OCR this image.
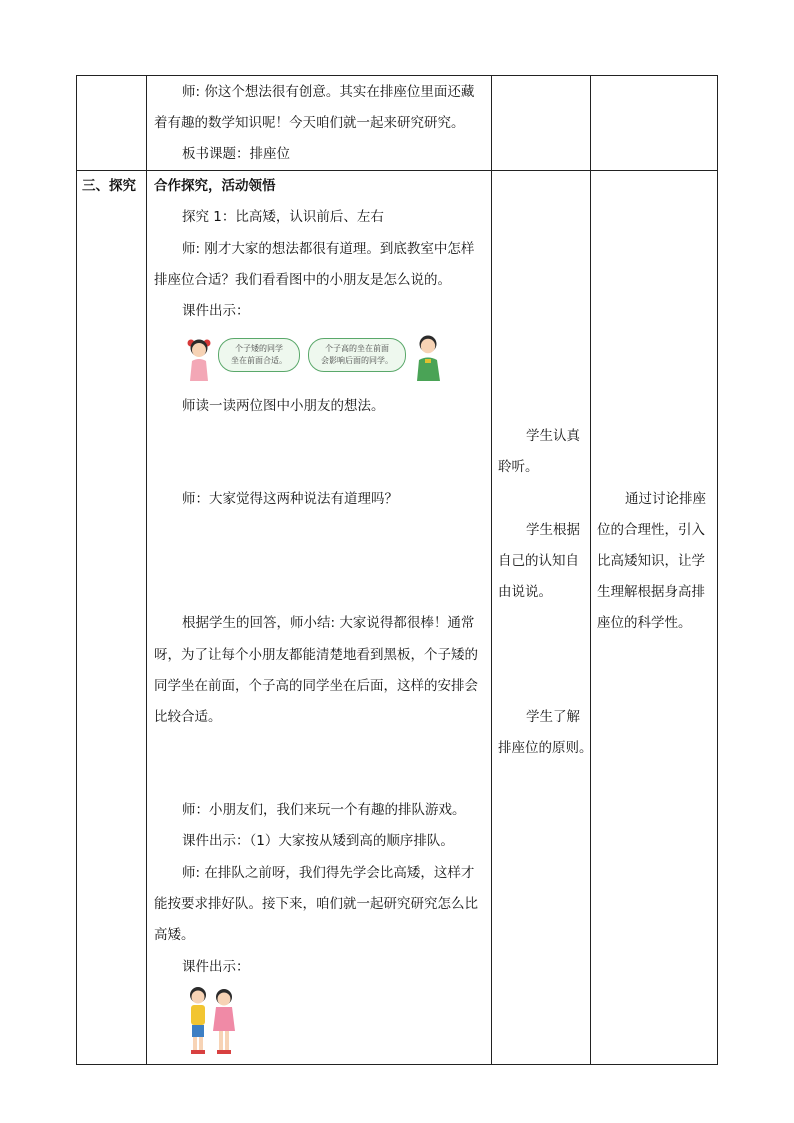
师: 你这个想法很有创意。其实在排座位里面还藏
着有趣的数学知识呢！今天咱们就一起来研究研究。
板书课题：排座位
三、探究 合作探究，活动领悟
探究 1：比高矮，认识前后、左右
师: 刚才大家的想法都很有道理。到底教室中怎样
排座位合适？我们看看图中的小朋友是怎么说的。
课件出示：
个子矮的同学
坐在前面合适。
个子高的坐在前面
会影响后面的同学。
师读一读两位图中小朋友的想法。
师：大家觉得这两种说法有道理吗？
根据学生的回答，师小结: 大家说得都很棒！通常
呀，为了让每个小朋友都能清楚地看到黑板，个子矮的
同学坐在前面，个子高的同学坐在后面，这样的安排会
比较合适。
师：小朋友们，我们来玩一个有趣的排队游戏。
课件出示：（1）大家按从矮到高的顺序排队。
师: 在排队之前呀，我们得先学会比高矮，这样才
能按要求排好队。接下来，咱们就一起研究研究怎么比
高矮。
课件出示：
学生认真
聆听。
学生根据
自己的认知自
由说说。
学生了解
排座位的原则。
通过讨论排座
位的合理性，引入
比高矮知识，让学
生理解根据身高排
座位的科学性。
